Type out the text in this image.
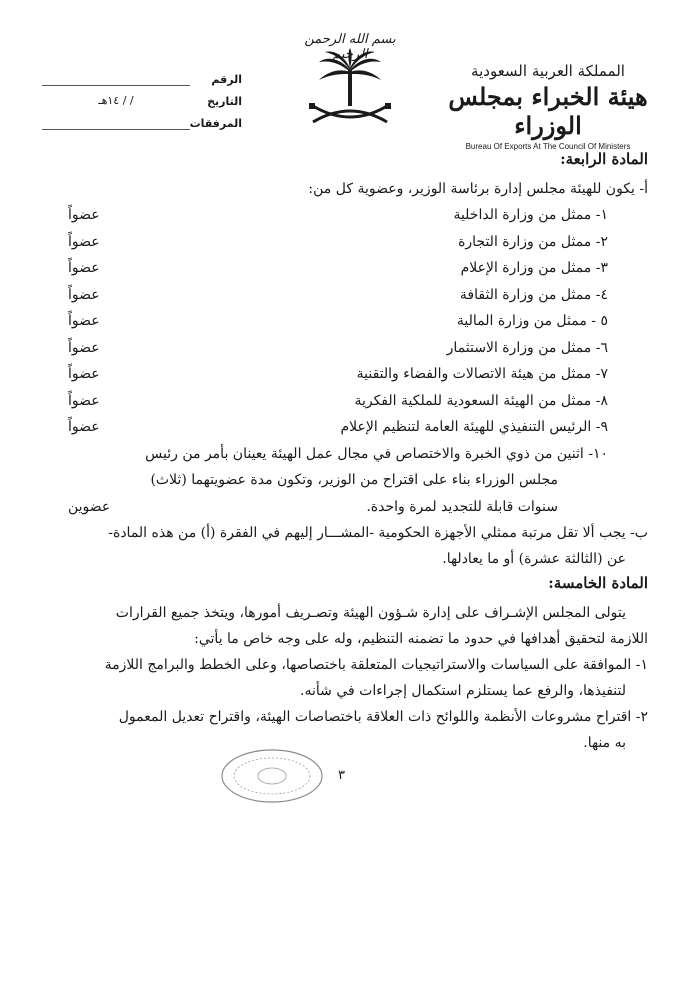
المملكة العربية السعودية
هيئة الخبراء بمجلس الوزراء
Bureau Of Exports At The Council Of Ministers
بسم الله الرحمن
الرقم
التاريخ
/ / ١٤هـ
المرفقات
المادة الرابعة:
أ- يكون للهيئة مجلس إدارة برئاسة الوزير، وعضوية كل من:
١- ممثل من وزارة الداخلية
عضواً
٢- ممثل من وزارة التجارة
عضواً
٣- ممثل من وزارة الإعلام
عضواً
٤- ممثل من وزارة الثقافة
عضواً
٥ - ممثل من وزارة المالية
عضواً
٦- ممثل من وزارة الاستثمار
عضواً
٧- ممثل من هيئة الاتصالات والفضاء والتقنية
عضواً
٨- ممثل من الهيئة السعودية للملكية الفكرية
عضواً
٩- الرئيس التنفيذي للهيئة العامة لتنظيم الإعلام
عضواً
١٠- اثنين من ذوي الخبرة والاختصاص في مجال عمل الهيئة يعينان بأمر من رئيس
مجلس الوزراء بناء على اقتراح من الوزير، وتكون مدة عضويتهما (ثلاث)
سنوات قابلة للتجديد لمرة واحدة.
عضوين
ب- يجب ألا تقل مرتبة ممثلي الأجهزة الحكومية -المشـــار إليهم في الفقرة (أ) من هذه المادة-
عن (الثالثة عشرة) أو ما يعادلها.
المادة الخامسة:
يتولى المجلس الإشـراف على إدارة شـؤون الهيئة وتصـريف أمورها، ويتخذ جميع القرارات
اللازمة لتحقيق أهدافها في حدود ما تضمنه التنظيم، وله على وجه خاص ما يأتي:
١- الموافقة على السياسات والاستراتيجيات المتعلقة باختصاصها، وعلى الخطط والبرامج اللازمة
لتنفيذها، والرفع عما يستلزم استكمال إجراءات في شأنه.
٢- اقتراح مشروعات الأنظمة واللوائح ذات العلاقة باختصاصات الهيئة، واقتراح تعديل المعمول
به منها.
٣
